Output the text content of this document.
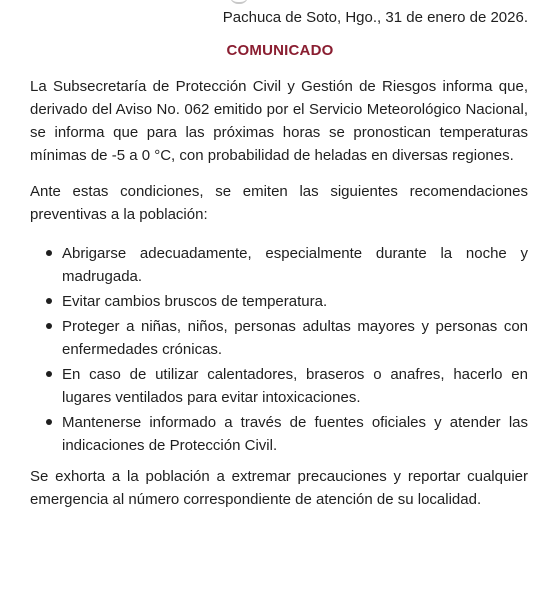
Pachuca de Soto, Hgo., 31 de enero de 2026.
COMUNICADO

La Subsecretaría de Protección Civil y Gestión de Riesgos informa que, derivado del Aviso No. 062 emitido por el Servicio Meteorológico Nacional, se informa que para las próximas horas se pronostican temperaturas mínimas de -5 a 0 °C, con probabilidad de heladas en diversas regiones.

Ante estas condiciones, se emiten las siguientes recomendaciones preventivas a la población:

Abrigarse adecuadamente, especialmente durante la noche y madrugada.
Evitar cambios bruscos de temperatura.
Proteger a niñas, niños, personas adultas mayores y personas con enfermedades crónicas.
En caso de utilizar calentadores, braseros o anafres, hacerlo en lugares ventilados para evitar intoxicaciones.
Mantenerse informado a través de fuentes oficiales y atender las indicaciones de Protección Civil.

Se exhorta a la población a extremar precauciones y reportar cualquier emergencia al número correspondiente de atención de su localidad.
